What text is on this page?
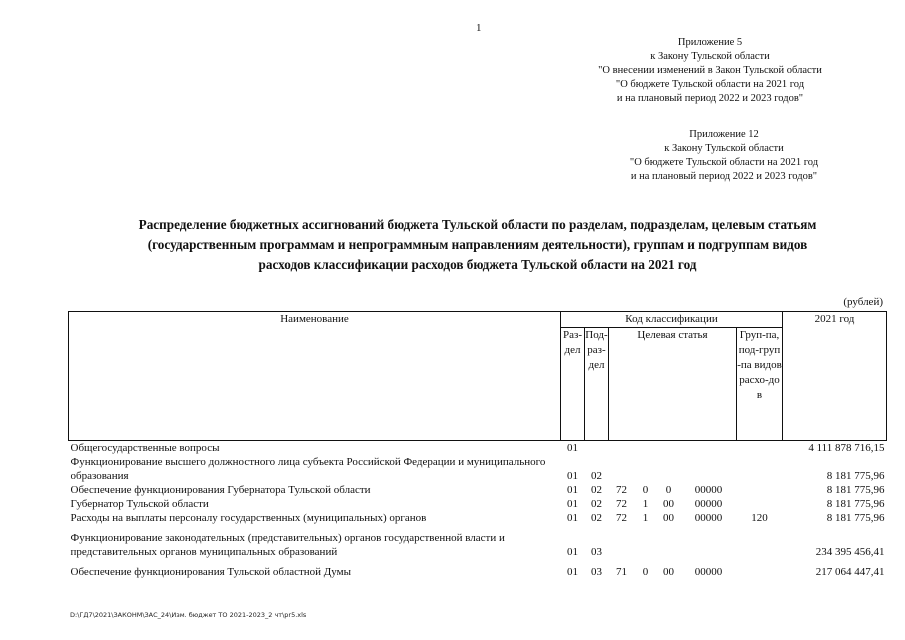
1
Приложение 5
к Закону Тульской области
"О внесении изменений в Закон Тульской области
"О бюджете Тульской области на 2021 год
и на плановый период 2022 и 2023 годов"
Приложение 12
к Закону Тульской области
"О бюджете Тульской области на 2021 год
и на плановый период 2022 и 2023 годов"
Распределение бюджетных ассигнований бюджета Тульской области по разделам, подразделам, целевым статьям
(государственным программам и непрограммным направлениям деятельности), группам и подгруппам видов
расходов классификации расходов бюджета Тульской области на 2021 год
(рублей)
Наименование	Код классификации							2021 год
	Раз-дел	Под-раз-дел	Целевая статья				Груп-па, под-груп-па видов расхо-дов	
Общегосударственные вопросы	01							4 111 878 716,15
Функционирование высшего должностного лица субъекта Российской Федерации и муниципального образования	01	02						8 181 775,96
Обеспечение функционирования Губернатора Тульской области	01	02	72	0	0	00000		8 181 775,96
Губернатор Тульской области	01	02	72	1	00	00000		8 181 775,96
Расходы на выплаты персоналу государственных (муниципальных) органов	01	02	72	1	00	00000	120	8 181 775,96

Функционирование законодательных (представительных) органов государственной власти и представительных органов муниципальных образований	01	03						234 395 456,41

Обеспечение функционирования Тульской областной Думы	01	03	71	0	00	00000		217 064 447,41
D:\ГД7\2021\ЗАКОНМ\ЗАС_24\Изм. бюджет ТО 2021-2023_2 чт\pr5.xls
